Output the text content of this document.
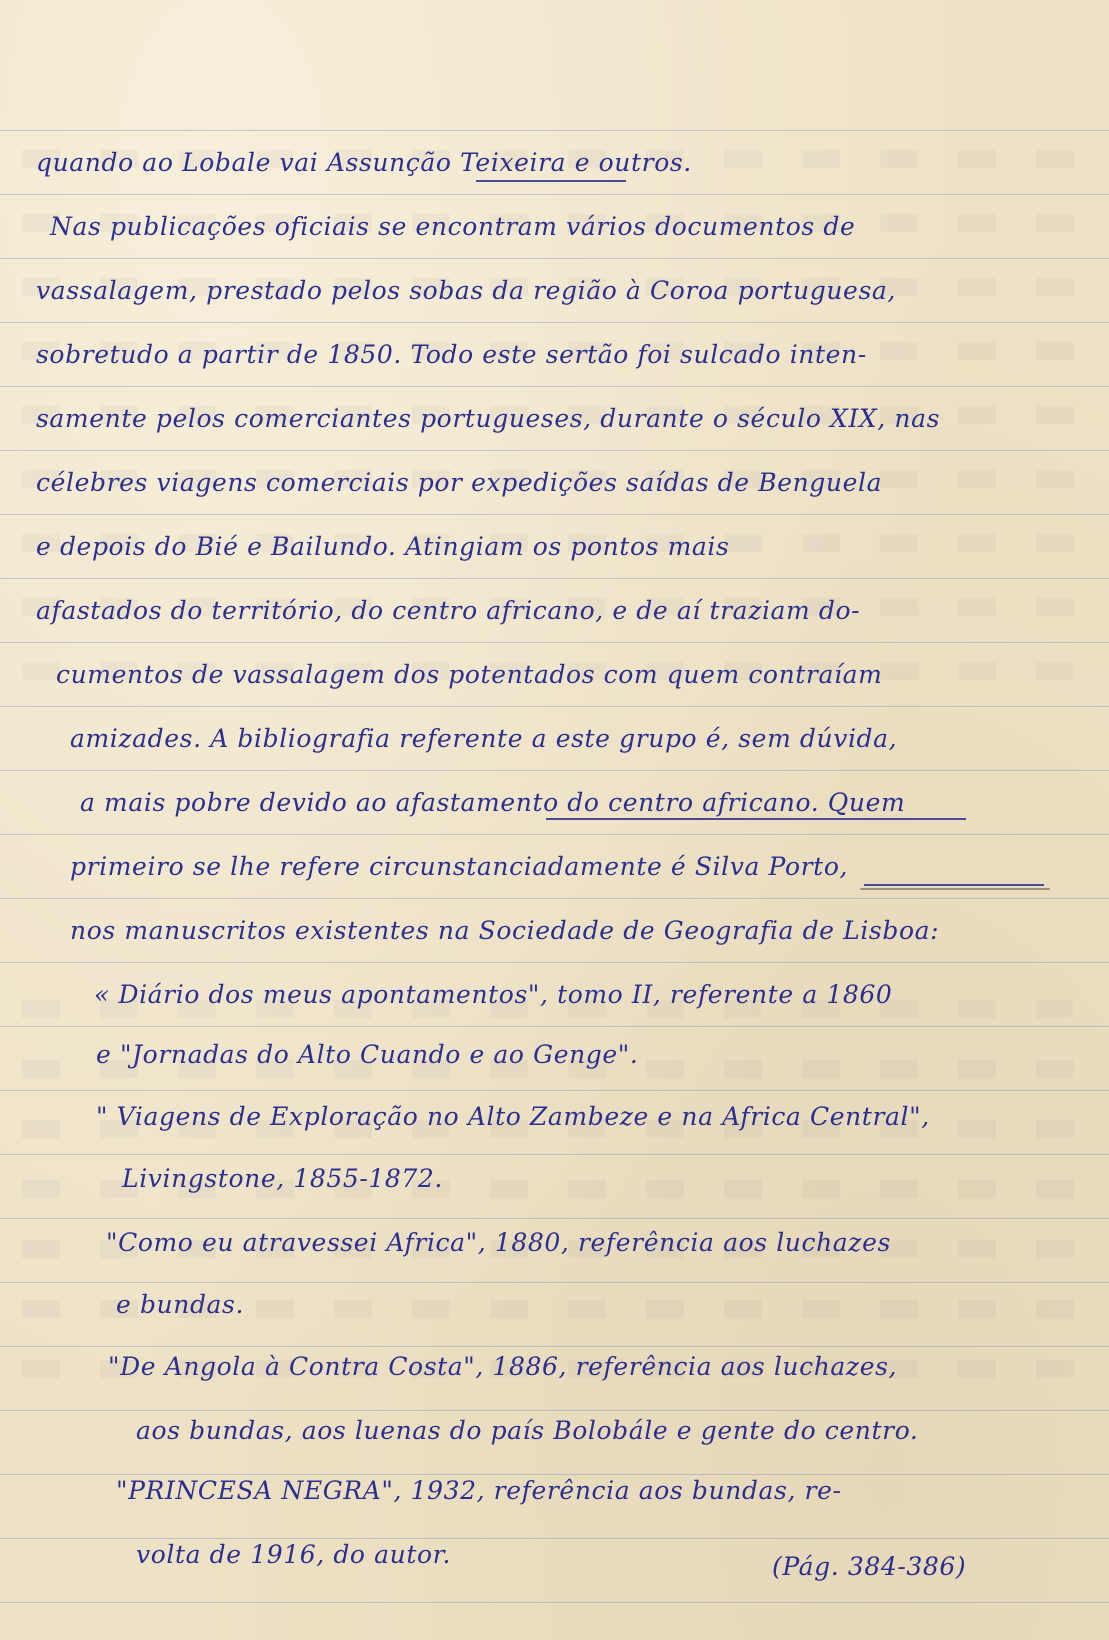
quando ao Lobale vai Assunção Teixeira e outros.
Nas publicações oficiais se encontram vários documentos de
vassalagem, prestado pelos sobas da região à Coroa portuguesa,
sobretudo a partir de 1850. Todo este sertão foi sulcado inten-
samente pelos comerciantes portugueses, durante o século XIX, nas
célebres viagens comerciais por expedições saídas de Benguela
e depois do Bié e Bailundo. Atingiam os pontos mais
afastados do território, do centro africano, e de aí traziam do-
cumentos de vassalagem dos potentados com quem contraíam
amizades. A bibliografia referente a este grupo é, sem dúvida,
a mais pobre devido ao afastamento do centro africano. Quem
primeiro se lhe refere circunstanciadamente é Silva Porto,
nos manuscritos existentes na Sociedade de Geografia de Lisboa:
« Diário dos meus apontamentos", tomo II, referente a 1860
e "Jornadas do Alto Cuando e ao Genge".
" Viagens de Exploração no Alto Zambeze e na Africa Central",
Livingstone, 1855-1872.
"Como eu atravessei Africa", 1880, referência aos luchazes
e bundas.
"De Angola à Contra Costa", 1886, referência aos luchazes,
aos bundas, aos luenas do país Bolobále e gente do centro.
"PRINCESA NEGRA", 1932, referência aos bundas, re-
volta de 1916, do autor.	(Pág. 384-386)
